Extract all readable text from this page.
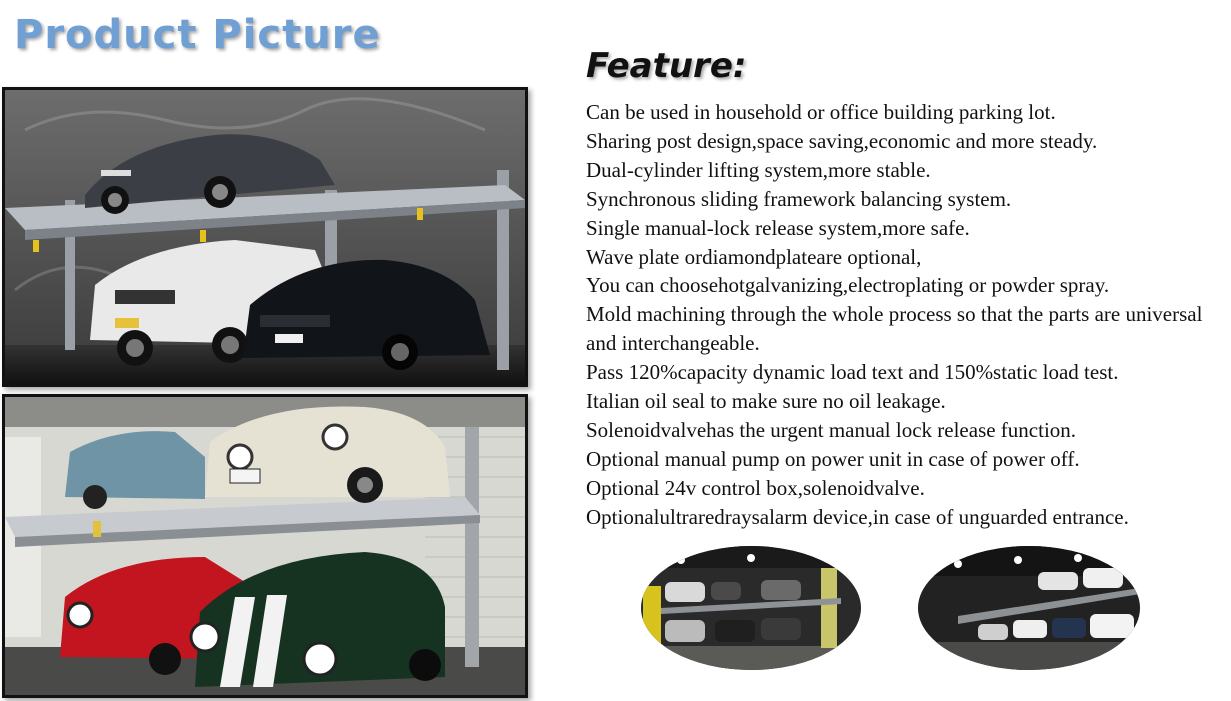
Product Picture
Feature:
Can be used in household or office building parking lot.
Sharing post design,space saving,economic and more steady.
Dual-cylinder lifting system,more stable.
Synchronous sliding framework balancing system.
Single manual-lock release system,more safe.
Wave plate ordiamondplateare optional,
You can choosehotgalvanizing,electroplating or powder spray.
Mold machining through the whole process so that the parts are universal and interchangeable.
Pass 120%capacity dynamic load text and 150%static load test.
Italian oil seal to make sure no oil leakage.
Solenoidvalvehas the urgent manual lock release function.
Optional manual pump on power unit in case of power off.
Optional 24v control box,solenoidvalve.
Optionalultraredraysalarm device,in case of unguarded entrance.
